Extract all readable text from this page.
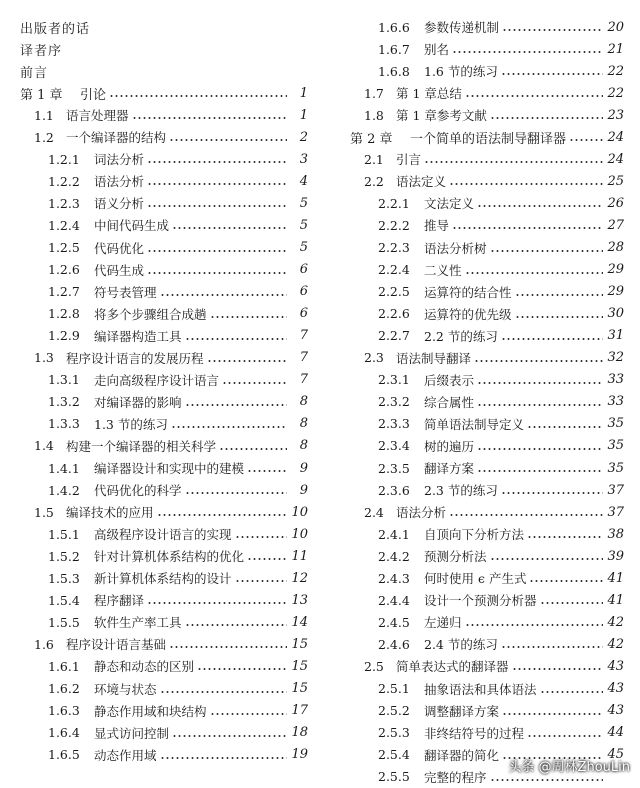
出版者的话
译者序
前言
第 1 章	引论	1
1.1 语言处理器	1
1.2 一个编译器的结构	2
1.2.1	词法分析	3
1.2.2	语法分析	4
1.2.3	语义分析	5
1.2.4	中间代码生成	5
1.2.5	代码优化	5
1.2.6	代码生成	6
1.2.7	符号表管理	6
1.2.8	将多个步骤组合成趟	6
1.2.9	编译器构造工具	7
1.3 程序设计语言的发展历程	7
1.3.1	走向高级程序设计语言	7
1.3.2	对编译器的影响	8
1.3.3	1.3 节的练习	8
1.4 构建一个编译器的相关科学	8
1.4.1	编译器设计和实现中的建模	9
1.4.2	代码优化的科学	9
1.5 编译技术的应用	10
1.5.1	高级程序设计语言的实现	10
1.5.2	针对计算机体系结构的优化	11
1.5.3	新计算机体系结构的设计	12
1.5.4	程序翻译	13
1.5.5	软件生产率工具	14
1.6 程序设计语言基础	15
1.6.1	静态和动态的区别	15
1.6.2	环境与状态	15
1.6.3	静态作用域和块结构	17
1.6.4	显式访问控制	18
1.6.5	动态作用域	19
1.6.6	参数传递机制	20
1.6.7	别名	21
1.6.8	1.6 节的练习	22
1.7 第 1 章总结	22
1.8 第 1 章参考文献	23
第 2 章	一个简单的语法制导翻译器	24
2.1 引言	24
2.2 语法定义	25
2.2.1	文法定义	26
2.2.2	推导	27
2.2.3	语法分析树	28
2.2.4	二义性	29
2.2.5	运算符的结合性	29
2.2.6	运算符的优先级	30
2.2.7	2.2 节的练习	31
2.3 语法制导翻译	32
2.3.1	后缀表示	33
2.3.2	综合属性	33
2.3.3	简单语法制导定义	35
2.3.4	树的遍历	35
2.3.5	翻译方案	35
2.3.6	2.3 节的练习	37
2.4 语法分析	37
2.4.1	自顶向下分析方法	38
2.4.2	预测分析法	39
2.4.3	何时使用 ϵ 产生式	41
2.4.4	设计一个预测分析器	41
2.4.5	左递归	42
2.4.6	2.4 节的练习	42
2.5 简单表达式的翻译器	43
2.5.1	抽象语法和具体语法	43
2.5.2	调整翻译方案	43
2.5.3	非终结符号的过程	44
2.5.4	翻译器的简化	45
2.5.5	完整的程序
头条 @周林ZhouLin
